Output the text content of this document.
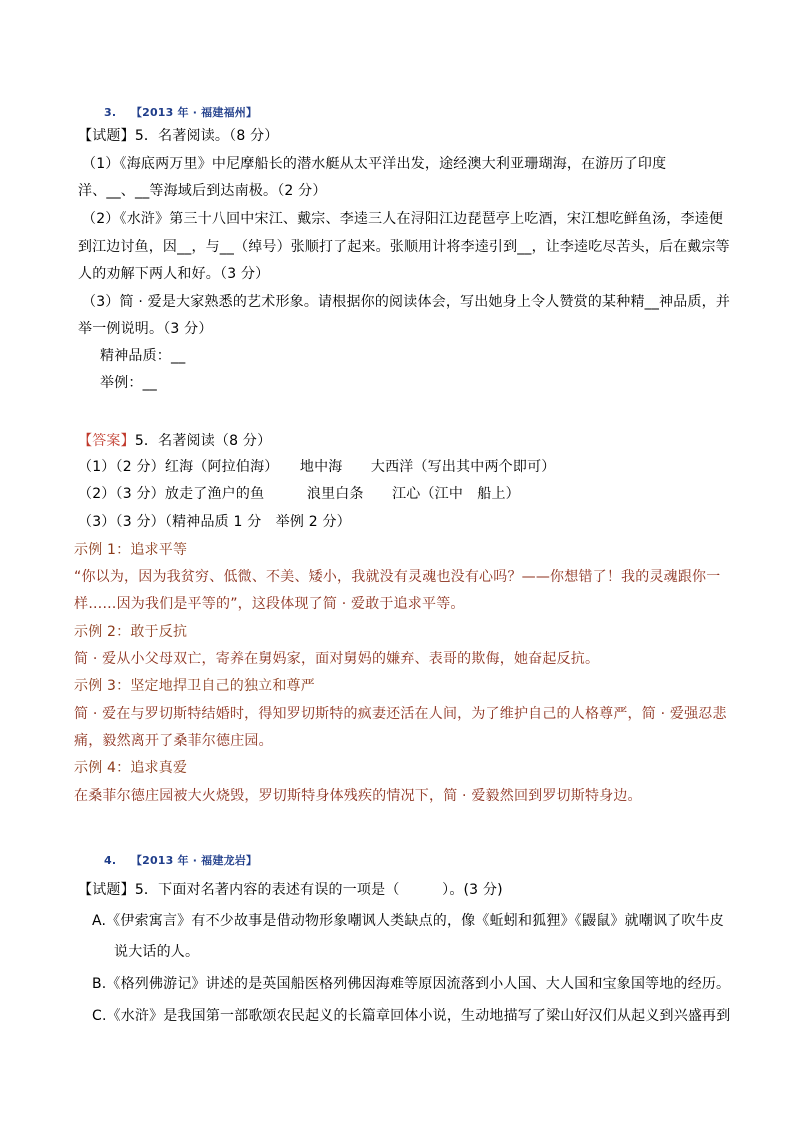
3. 【2013 年 · 福建福州】
【试题】5．名著阅读。（8 分）
（1）《海底两万里》中尼摩船长的潜水艇从太平洋出发，途经澳大利亚珊瑚海，在游历了印度
洋、__、__等海域后到达南极。（2 分）
（2）《水浒》第三十八回中宋江、戴宗、李逵三人在浔阳江边琵琶亭上吃酒，宋江想吃鲜鱼汤，李逵便
到江边讨鱼，因__，与__（绰号）张顺打了起来。张顺用计将李逵引到__，让李逵吃尽苦头，后在戴宗等
人的劝解下两人和好。（3 分）
（3）简 · 爱是大家熟悉的艺术形象。请根据你的阅读体会，写出她身上令人赞赏的某种精__神品质，并
举一例说明。（3 分）
精神品质：__
举例：__
【答案】5．名著阅读（8 分）
（1）（2 分）红海（阿拉伯海）　　地中海　　大西洋（写出其中两个即可）
（2）（3 分）放走了渔户的鱼　　　浪里白条　　江心（江中　船上）
（3）（3 分）（精神品质 1 分　举例 2 分）
示例 1：追求平等
“你以为，因为我贫穷、低微、不美、矮小，我就没有灵魂也没有心吗？——你想错了！我的灵魂跟你一
样……因为我们是平等的”，这段体现了简 · 爱敢于追求平等。
示例 2：敢于反抗
简 · 爱从小父母双亡，寄养在舅妈家，面对舅妈的嫌弃、表哥的欺侮，她奋起反抗。
示例 3：坚定地捍卫自己的独立和尊严
简 · 爱在与罗切斯特结婚时，得知罗切斯特的疯妻还活在人间，为了维护自己的人格尊严，简 · 爱强忍悲
痛，毅然离开了桑菲尔德庄园。
示例 4：追求真爱
在桑菲尔德庄园被大火烧毁，罗切斯特身体残疾的情况下，简 · 爱毅然回到罗切斯特身边。
4. 【2013 年 · 福建龙岩】
【试题】5．下面对名著内容的表述有误的一项是（　　　）。(3 分)
A.《伊索寓言》有不少故事是借动物形象嘲讽人类缺点的，像《蚯蚓和狐狸》《鼹鼠》就嘲讽了吹牛皮
说大话的人。
B.《格列佛游记》讲述的是英国船医格列佛因海难等原因流落到小人国、大人国和宝象国等地的经历。
C.《水浒》是我国第一部歌颂农民起义的长篇章回体小说，生动地描写了梁山好汉们从起义到兴盛再到
